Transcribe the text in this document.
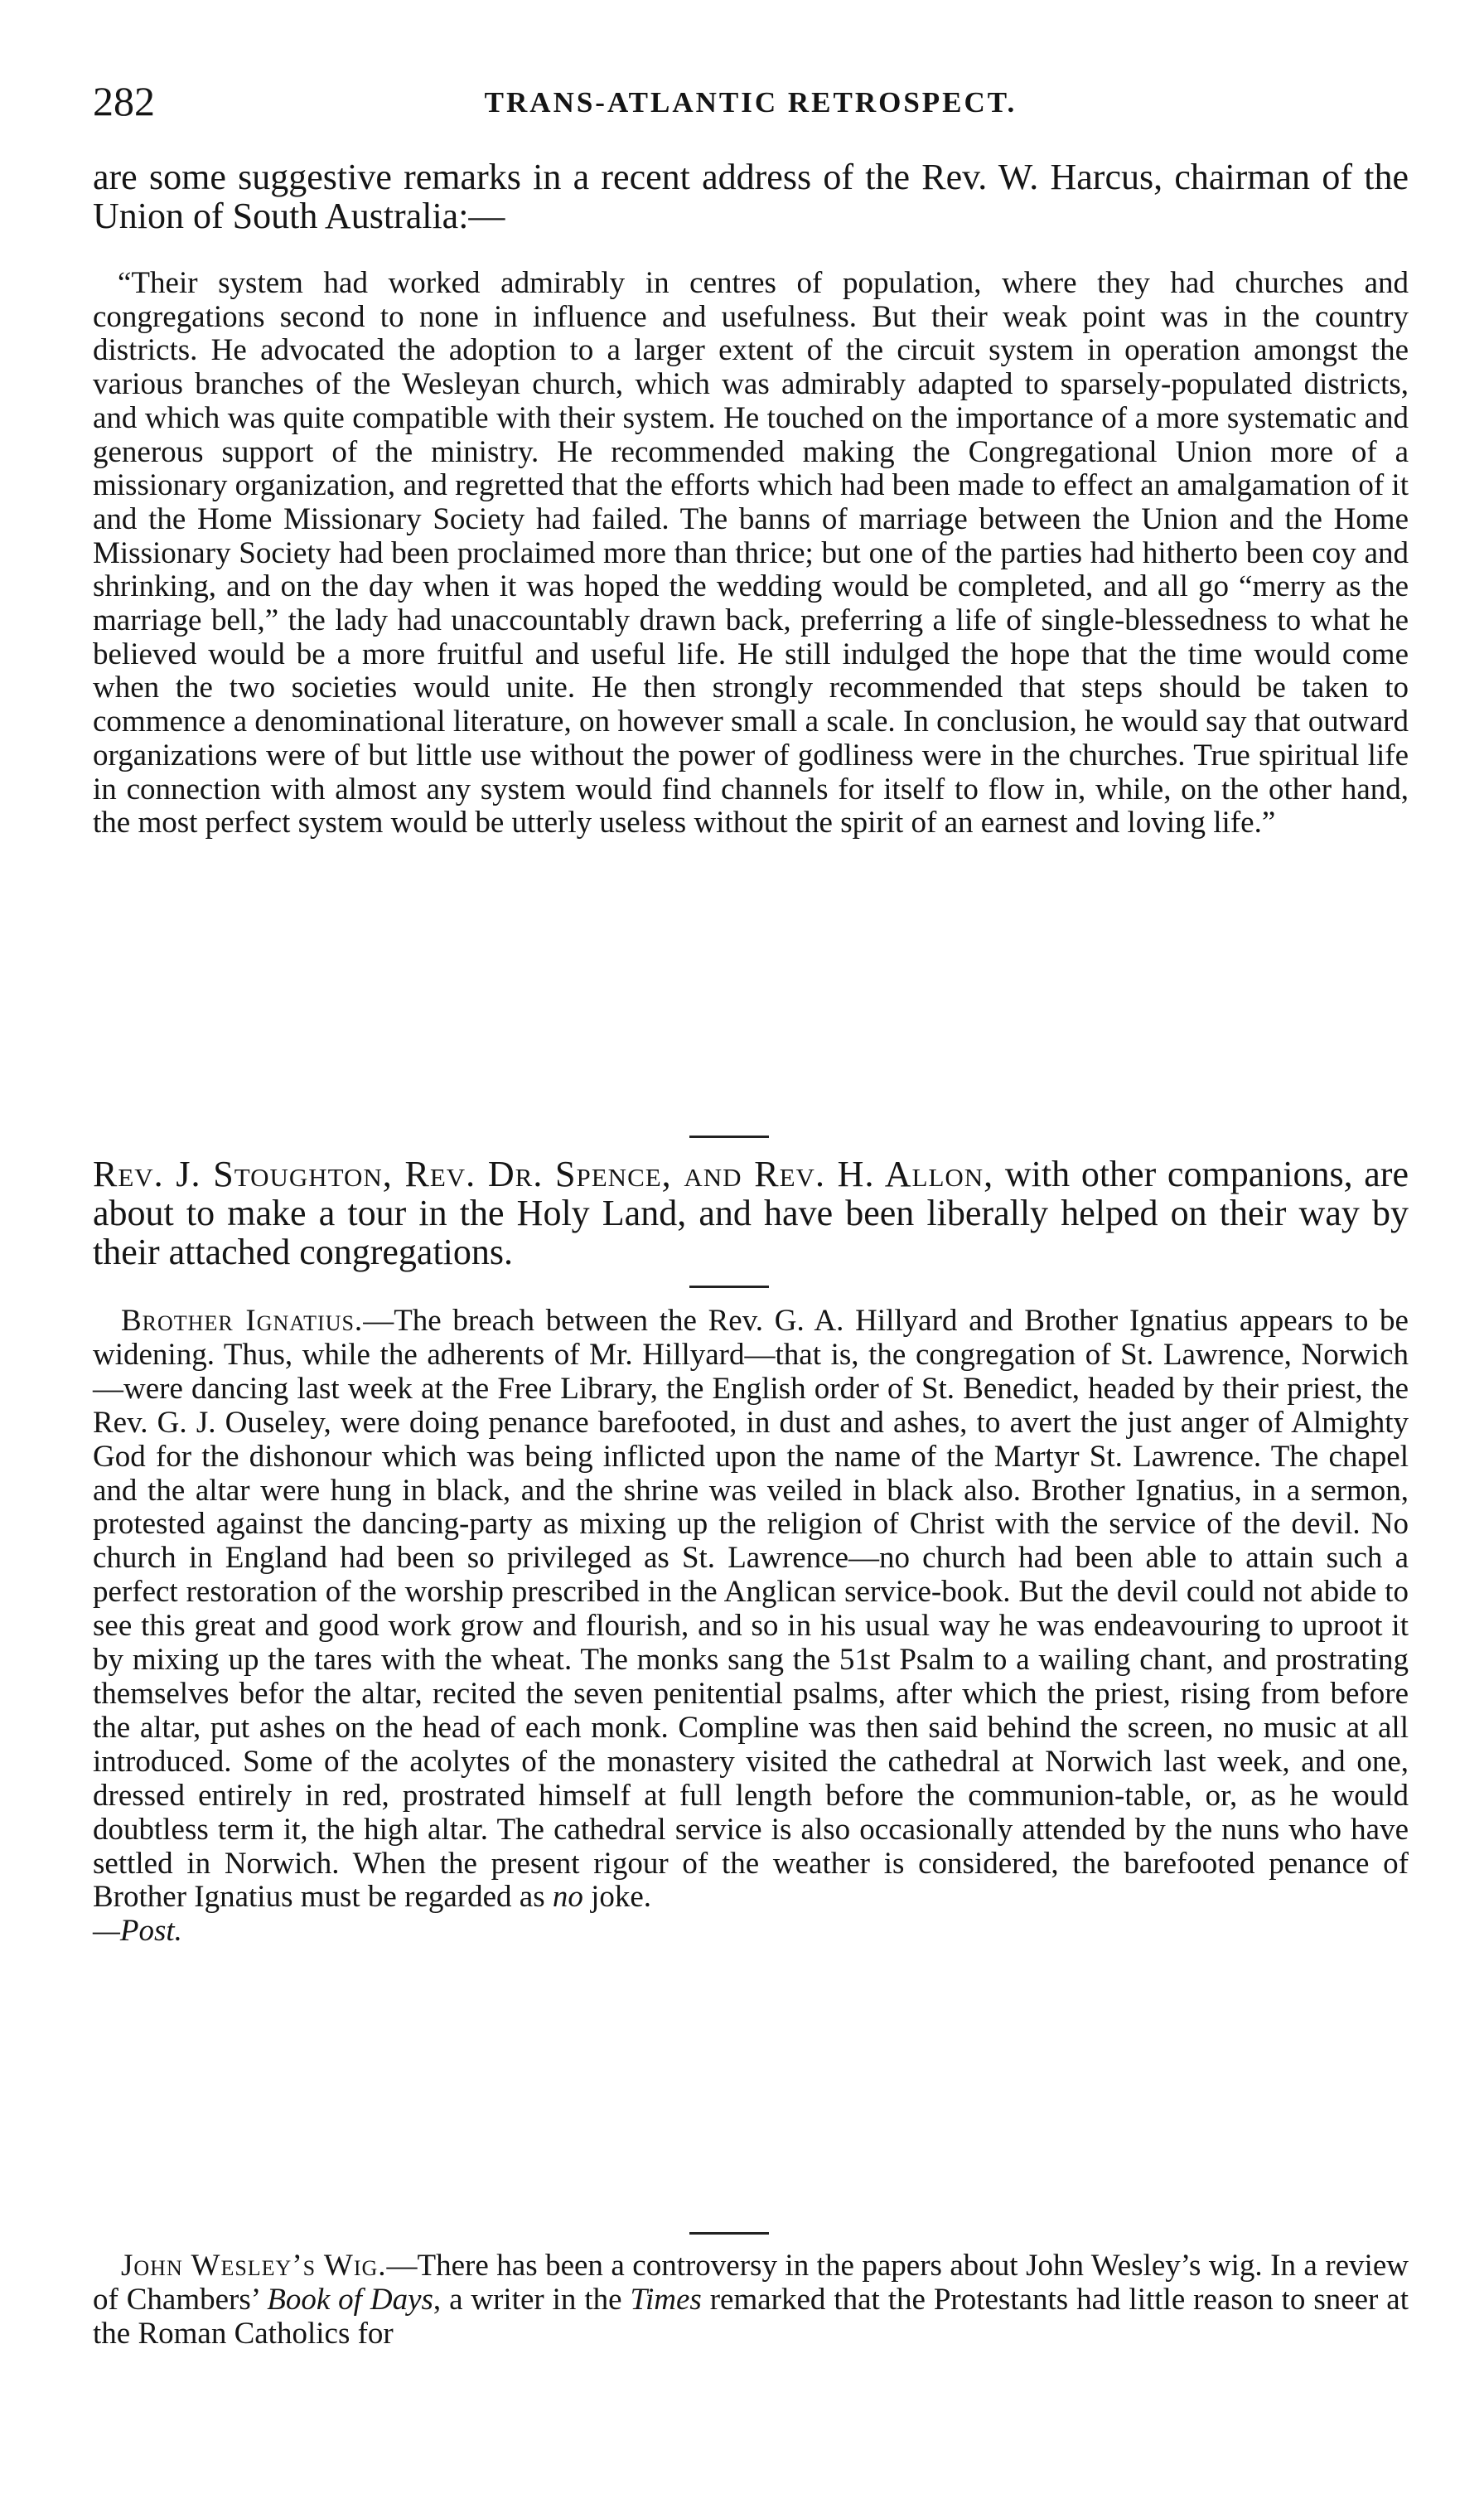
282	TRANS-ATLANTIC RETROSPECT.

are some suggestive remarks in a recent address of the Rev. W. Harcus, chairman of the Union of South Australia:—

“Their system had worked admirably in centres of population, where they had churches and congregations second to none in influence and usefulness. But their weak point was in the country districts. He advocated the adoption to a larger extent of the circuit system in operation amongst the various branches of the Wesleyan church, which was admirably adapted to sparsely-populated districts, and which was quite compatible with their system. He touched on the importance of a more systematic and generous support of the ministry. He recommended making the Congregational Union more of a missionary organization, and regretted that the efforts which had been made to effect an amalgamation of it and the Home Missionary Society had failed. The banns of marriage between the Union and the Home Missionary Society had been proclaimed more than thrice; but one of the parties had hitherto been coy and shrinking, and on the day when it was hoped the wedding would be completed, and all go “merry as the marriage bell,” the lady had unaccountably drawn back, preferring a life of single-blessedness to what he believed would be a more fruitful and useful life. He still indulged the hope that the time would come when the two societies would unite. He then strongly recommended that steps should be taken to commence a denominational literature, on however small a scale. In conclusion, he would say that outward organizations were of but little use without the power of godliness were in the churches. True spiritual life in connection with almost any system would find channels for itself to flow in, while, on the other hand, the most perfect system would be utterly useless without the spirit of an earnest and loving life.”

Rev. J. Stoughton, Rev. Dr. Spence, and Rev. H. Allon, with other companions, are about to make a tour in the Holy Land, and have been liberally helped on their way by their attached congregations.

Brother Ignatius.—The breach between the Rev. G. A. Hillyard and Brother Ignatius appears to be widening. Thus, while the adherents of Mr. Hillyard—that is, the congregation of St. Lawrence, Norwich—were dancing last week at the Free Library, the English order of St. Benedict, headed by their priest, the Rev. G. J. Ouseley, were doing penance barefooted, in dust and ashes, to avert the just anger of Almighty God for the dishonour which was being inflicted upon the name of the Martyr St. Lawrence. The chapel and the altar were hung in black, and the shrine was veiled in black also. Brother Ignatius, in a sermon, protested against the dancing-party as mixing up the religion of Christ with the service of the devil. No church in England had been so privileged as St. Lawrence—no church had been able to attain such a perfect restoration of the worship prescribed in the Anglican service-book. But the devil could not abide to see this great and good work grow and flourish, and so in his usual way he was endeavouring to uproot it by mixing up the tares with the wheat. The monks sang the 51st Psalm to a wailing chant, and prostrating themselves befor the altar, recited the seven penitential psalms, after which the priest, rising from before the altar, put ashes on the head of each monk. Compline was then said behind the screen, no music at all introduced. Some of the acolytes of the monastery visited the cathedral at Norwich last week, and one, dressed entirely in red, prostrated himself at full length before the communion-table, or, as he would doubtless term it, the high altar. The cathedral service is also occasionally attended by the nuns who have settled in Norwich. When the present rigour of the weather is considered, the barefooted penance of Brother Ignatius must be regarded as no joke.
—Post.

John Wesley’s Wig.—There has been a controversy in the papers about John Wesley’s wig. In a review of Chambers’ Book of Days, a writer in the Times remarked that the Protestants had little reason to sneer at the Roman Catholics for
